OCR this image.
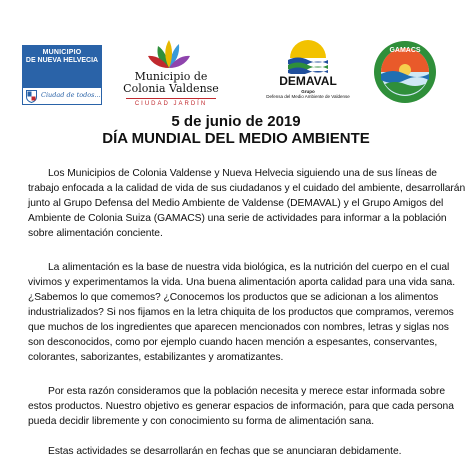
MUNICIPIO
DE NUEVA HELVECIA
Ciudad de todos...
Municipio de
Colonia Valdense
CIUDAD JARDÍN
DEMAVAL
Grupo
Defensa del Medio Ambiente de Valdense
GAMACS
5 de junio de 2019
DÍA MUNDIAL DEL MEDIO AMBIENTE

Los Municipios de Colonia Valdense y Nueva Helvecia siguiendo una de sus líneas de trabajo enfocada a la calidad de vida de sus ciudadanos y el cuidado del ambiente, desarrollarán junto al Grupo Defensa del Medio Ambiente de Valdense (DEMAVAL) y el Grupo Amigos del Ambiente de Colonia Suiza (GAMACS) una serie de actividades para informar a la población sobre alimentación conciente.

La alimentación es la base de nuestra vida biológica, es la nutrición del cuerpo en el cual vivimos y experimentamos la vida. Una buena alimentación aporta calidad para una vida sana. ¿Sabemos lo que comemos? ¿Conocemos los productos que se adicionan a los alimentos industrializados? Si nos fijamos en la letra chiquita de los productos que compramos, veremos que muchos de los ingredientes que aparecen mencionados con nombres, letras y siglas nos son desconocidos, como por ejemplo cuando hacen mención a espesantes, conservantes, colorantes, saborizantes, estabilizantes y aromatizantes.

Por esta razón consideramos que la población necesita y merece estar informada sobre estos productos. Nuestro objetivo es generar espacios de información, para que cada persona pueda decidir libremente y con conocimiento su forma de alimentación sana.

Estas actividades se desarrollarán en fechas que se anunciaran debidamente.
